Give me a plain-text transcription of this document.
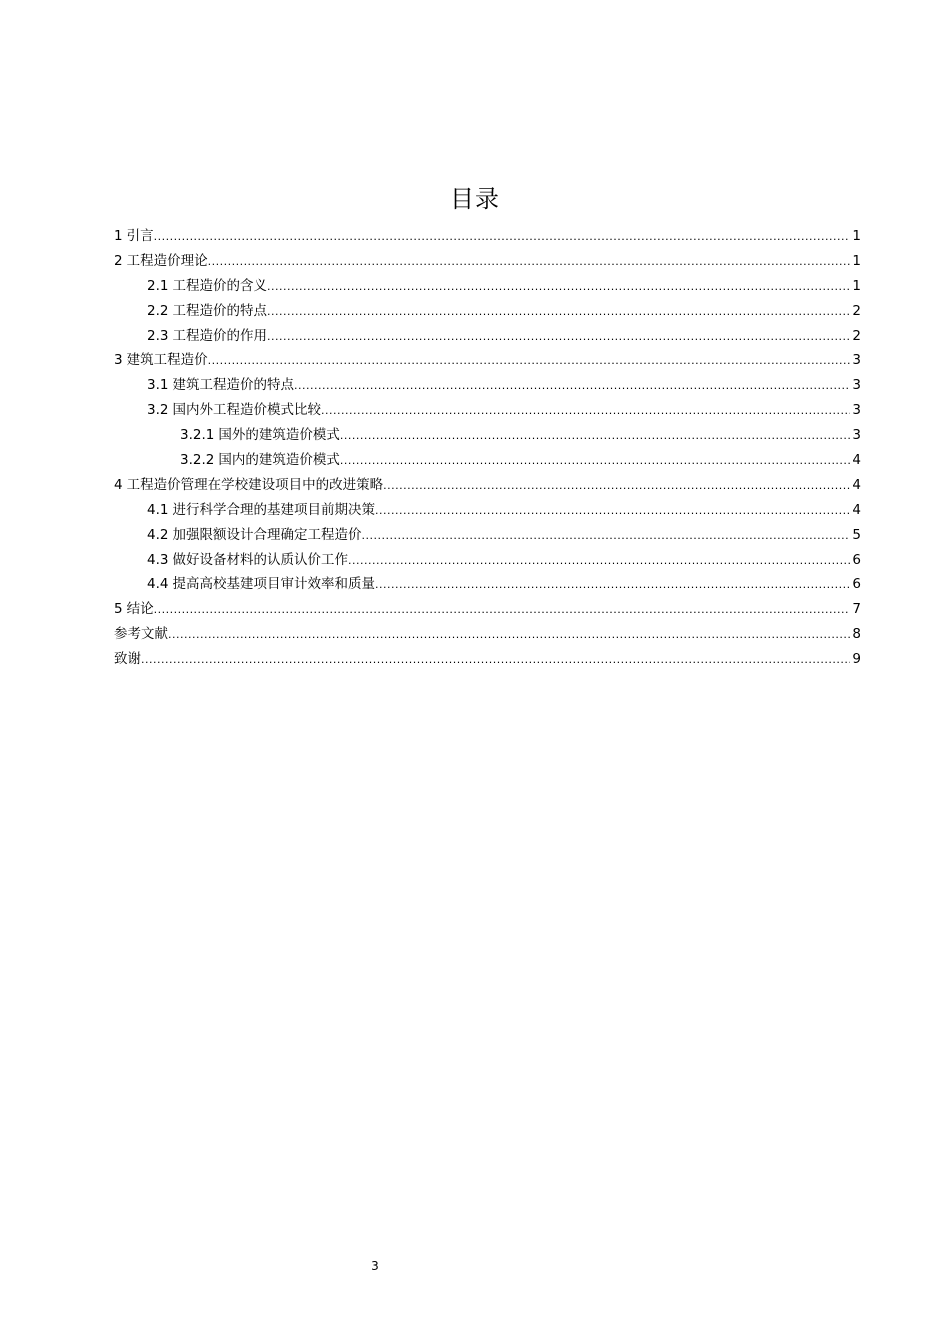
目录
1 引言 .....	1
2 工程造价理论 .....	1
2.1 工程造价的含义 .....	1
2.2 工程造价的特点 .....	2
2.3 工程造价的作用 .....	2
3 建筑工程造价 .....	3
3.1 建筑工程造价的特点 .....	3
3.2 国内外工程造价模式比较 .....	3
3.2.1 国外的建筑造价模式 .....	3
3.2.2 国内的建筑造价模式 .....	4
4 工程造价管理在学校建设项目中的改进策略 .....	4
4.1 进行科学合理的基建项目前期决策 .....	4
4.2 加强限额设计合理确定工程造价 .....	5
4.3 做好设备材料的认质认价工作 .....	6
4.4 提高高校基建项目审计效率和质量 .....	6
5 结论 .....	7
参考文献 .....	8
致谢 .....	9
3
